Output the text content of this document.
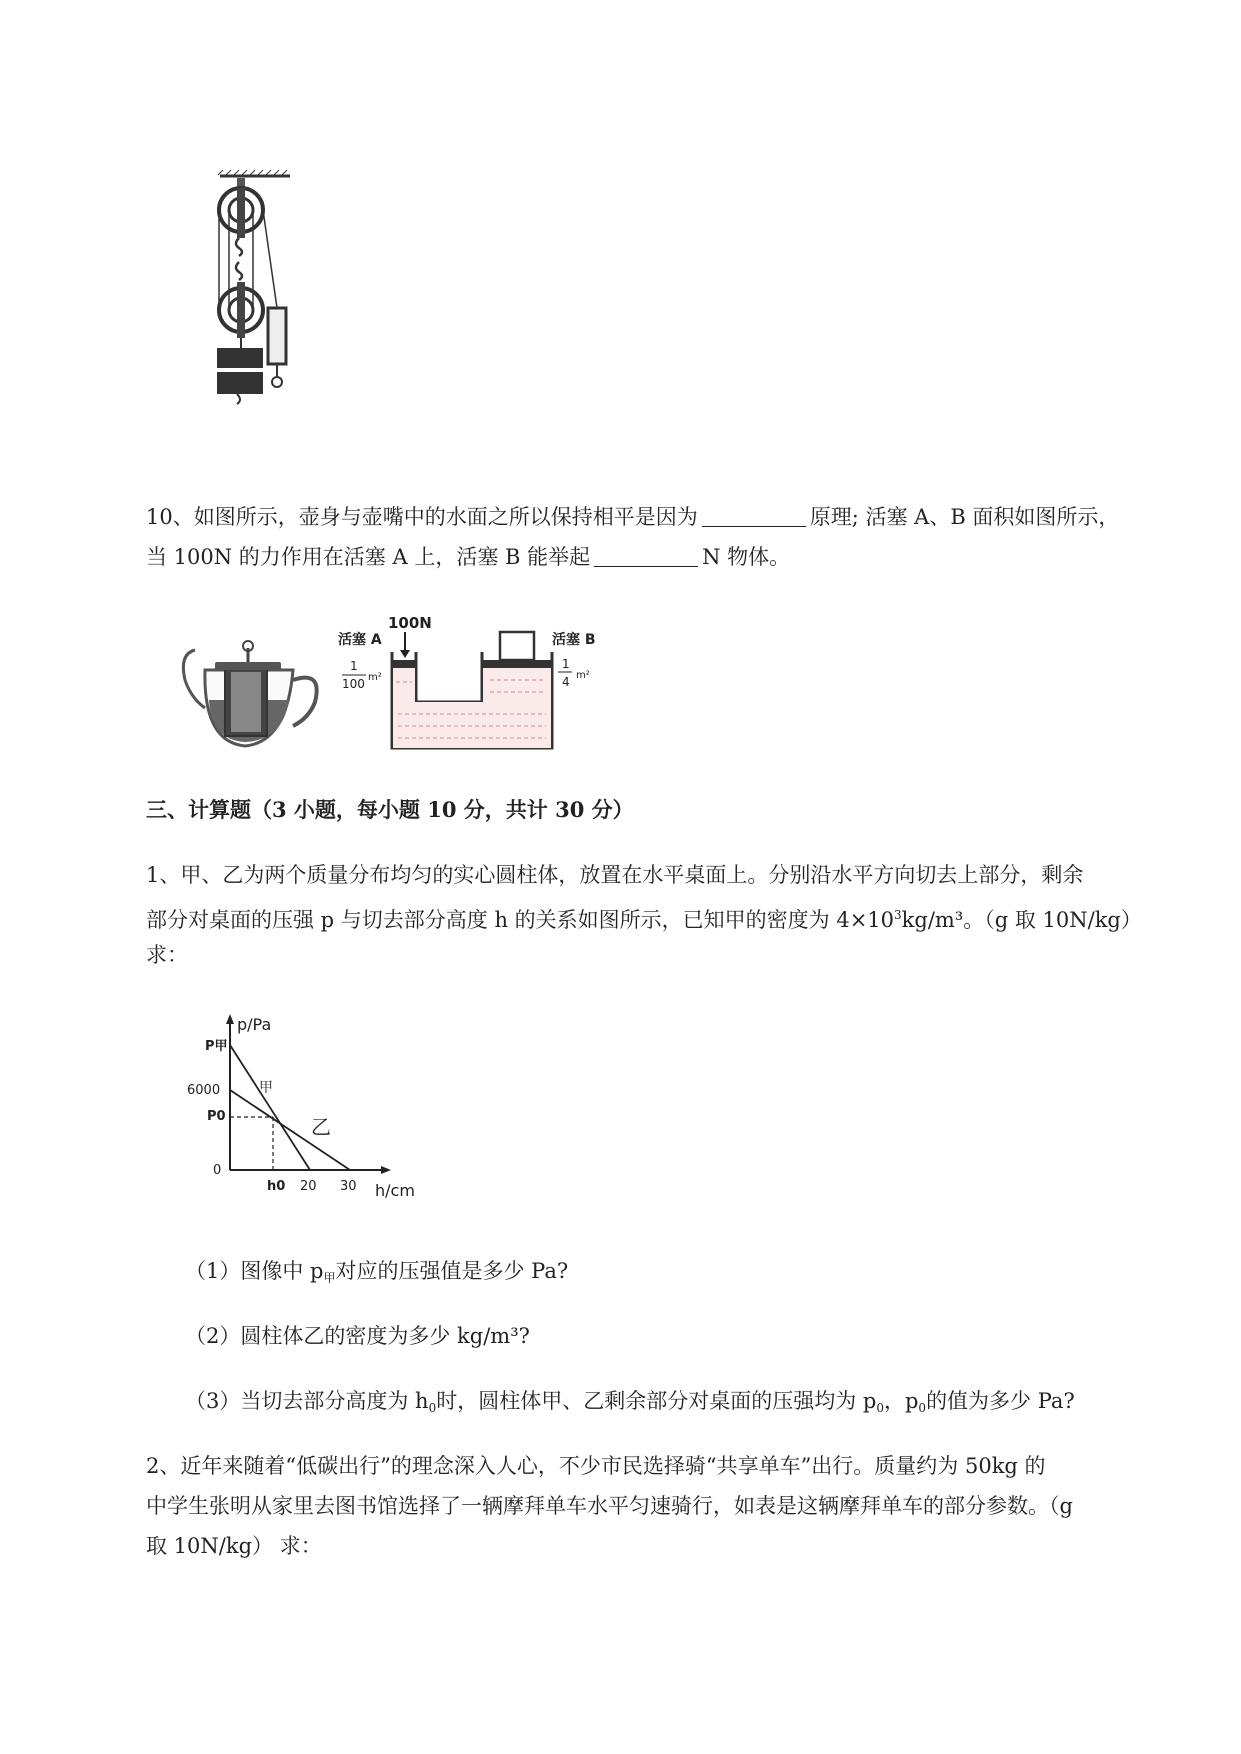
10、如图所示，壶身与壶嘴中的水面之所以保持相平是因为	原理; 活塞 A、B 面积如图所示，
当 100N 的力作用在活塞 A 上，活塞 B 能举起	N 物体。
100N
活塞 A
1
100 m²
活塞 B
1
4 m²
三、计算题（3 小题，每小题 10 分，共计 30 分）
1、甲、乙为两个质量分布均匀的实心圆柱体，放置在水平桌面上。分别沿水平方向切去上部分，剩余
部分对桌面的压强 p 与切去部分高度 h 的关系如图所示，已知甲的密度为 $4\times 10^3kg/m^3$。（g 取 10N/kg）
求：
p/Pa
h/cm
P甲
6000
P0
0
h0 20 30
甲
乙
（1）图像中 $p_甲$对应的压强值是多少 Pa?
（2）圆柱体乙的密度为多少 kg/m³?
（3）当切去部分高度为 $h_0$时，圆柱体甲、乙剩余部分对桌面的压强均为 $p_0$，$p_0$的值为多少 Pa?
2、近年来随着“低碳出行”的理念深入人心，不少市民选择骑“共享单车”出行。质量约为 50kg 的
中学生张明从家里去图书馆选择了一辆摩拜单车水平匀速骑行，如表是这辆摩拜单车的部分参数。（g
取 10N/kg） 求：
